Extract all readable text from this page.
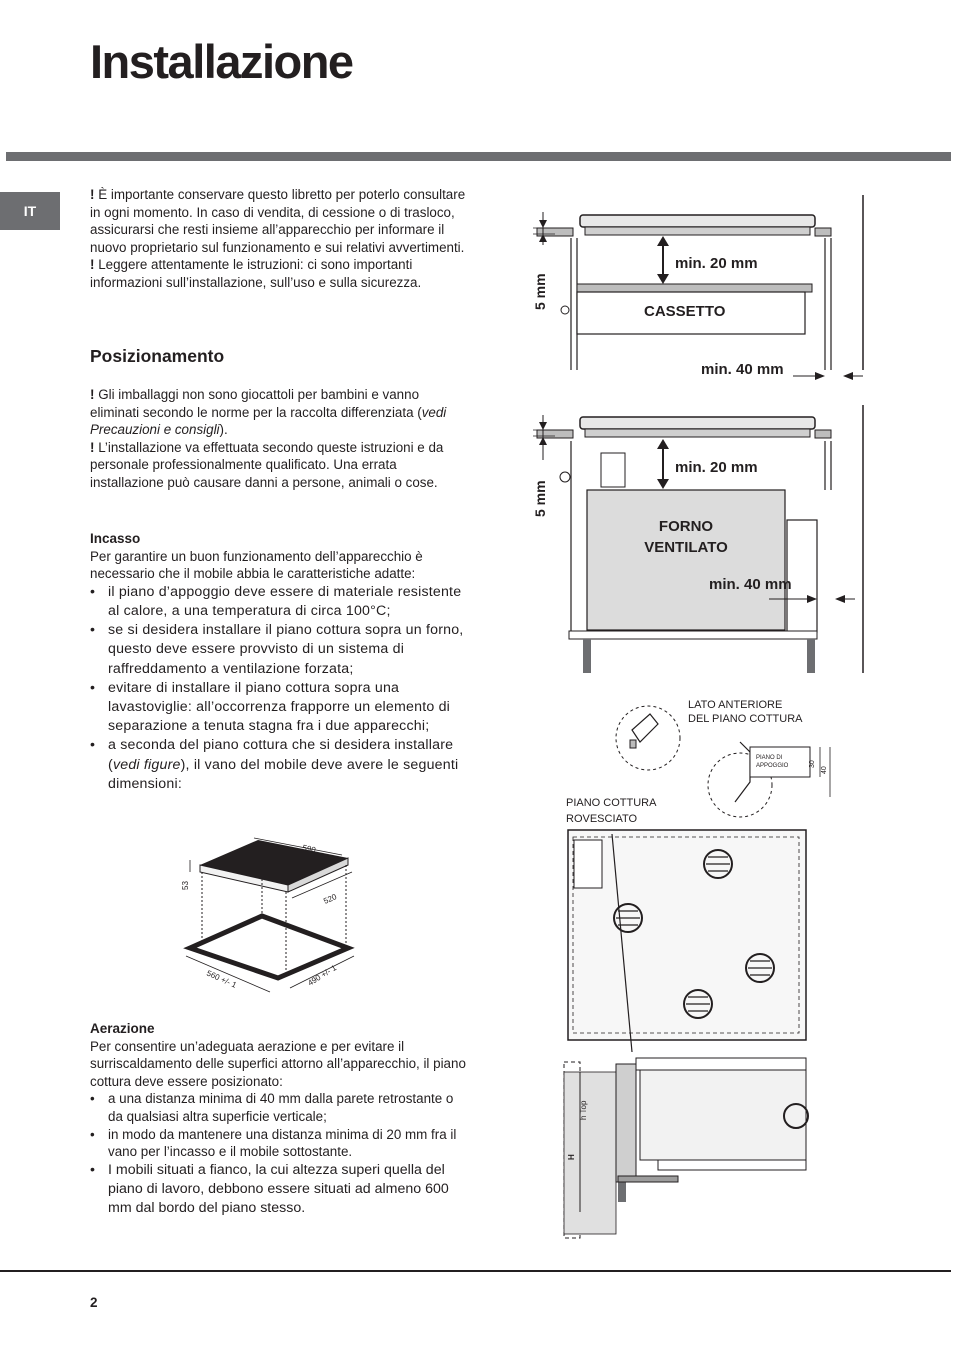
Installazione
IT

! È importante conservare questo libretto per poterlo consultare in ogni momento. In caso di vendita, di cessione o di trasloco, assicurarsi che resti insieme all’apparecchio per informare il nuovo proprietario sul funzionamento e sui relativi avvertimenti.

! Leggere attentamente le istruzioni: ci sono importanti informazioni sull’installazione, sull’uso e sulla sicurezza.

Posizionamento

! Gli imballaggi non sono giocattoli per bambini e vanno eliminati secondo le norme per la raccolta differenziata (vedi Precauzioni e consigli).

! L’installazione va effettuata secondo queste istruzioni e da personale professionalmente qualificato. Una errata installazione può causare danni a persone, animali o cose.

Incasso

Per garantire un buon funzionamento dell’apparecchio è necessario che il mobile abbia le caratteristiche adatte:

• il piano d’appoggio deve essere di materiale resistente al calore, a una temperatura di circa 100°C;
• se si desidera installare il piano cottura sopra un forno, questo deve essere provvisto di un sistema di raffreddamento a ventilazione forzata;
• evitare di installare il piano cottura sopra una lavastoviglie: all’occorrenza frapporre un elemento di separazione a tenuta stagna fra i due apparecchi;
• a seconda del piano cottura che si desidera installare (vedi figure), il vano del mobile deve avere le seguenti dimensioni:
590
53
520
560 +/- 1	490 +/- 1

Aerazione

Per consentire un’adeguata aerazione e per evitare il surriscaldamento delle superfici attorno all’apparecchio, il piano cottura deve essere posizionato:

• a una distanza minima di 40 mm dalla parete retrostante o da qualsiasi altra superficie verticale;
• in modo da mantenere una distanza minima di 20 mm fra il vano per l’incasso e il mobile sottostante.
• I mobili situati a fianco, la cui altezza superi quella del piano di lavoro, debbono essere situati ad almeno 600 mm dal bordo del piano stesso.
5 mm
min. 20 mm
CASSETTO
min. 40 mm
5 mm
min. 20 mm
FORNO
VENTILATO
min. 40 mm
PIANO DI
APPOGGIO	30
40
LATO ANTERIORE
DEL PIANO COTTURA
PIANO COTTURA
ROVESCIATO
h Top
H
2
